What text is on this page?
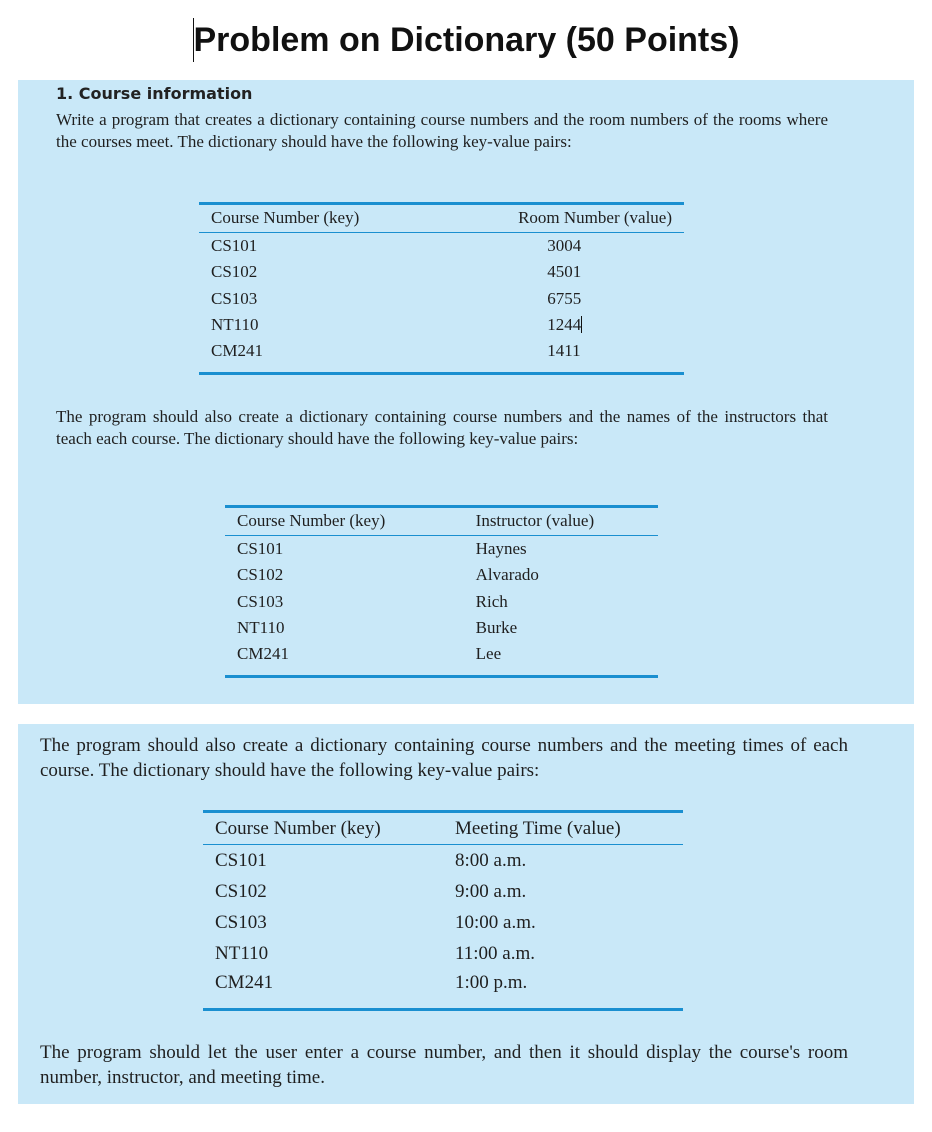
Problem on Dictionary (50 Points)
1. Course information

Write a program that creates a dictionary containing course numbers and the room numbers of the rooms where the courses meet. The dictionary should have the following key-value pairs:

Course Number (key)	Room Number (value)
CS101	3004
CS102	4501
CS103	6755
NT110	1244
CM241	1411

The program should also create a dictionary containing course numbers and the names of the instructors that teach each course. The dictionary should have the following key-value pairs:

Course Number (key)	Instructor (value)
CS101	Haynes
CS102	Alvarado
CS103	Rich
NT110	Burke
CM241	Lee

The program should also create a dictionary containing course numbers and the meeting times of each course. The dictionary should have the following key-value pairs:

Course Number (key)	Meeting Time (value)
CS101	8:00 a.m.
CS102	9:00 a.m.
CS103	10:00 a.m.
NT110	11:00 a.m.
CM241	1:00 p.m.

The program should let the user enter a course number, and then it should display the course's room number, instructor, and meeting time.
